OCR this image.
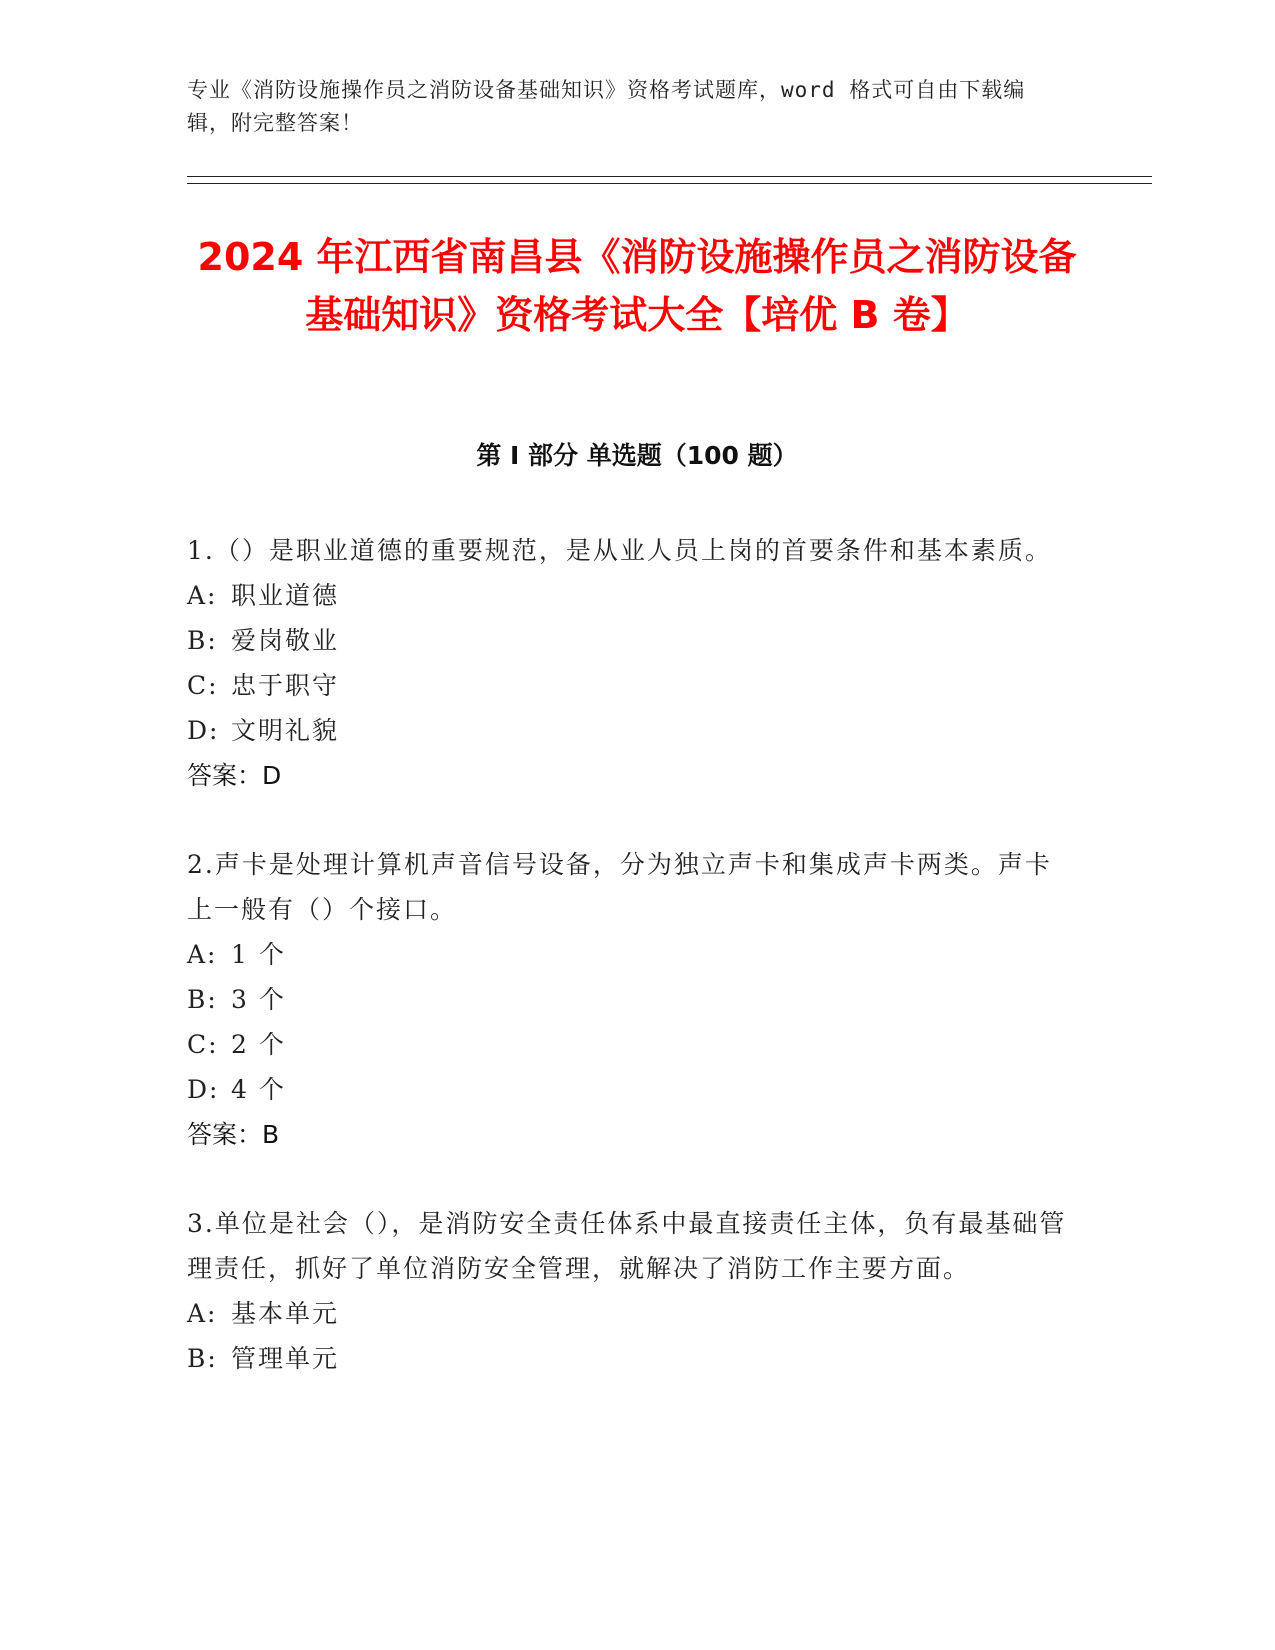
专业《消防设施操作员之消防设备基础知识》资格考试题库，word 格式可自由下载编辑，附完整答案！
2024 年江西省南昌县《消防设施操作员之消防设备基础知识》资格考试大全【培优 B 卷】
第 I 部分 单选题（100 题）
1.（）是职业道德的重要规范，是从业人员上岗的首要条件和基本素质。
A: 职业道德
B: 爱岗敬业
C: 忠于职守
D: 文明礼貌
答案：D
2.声卡是处理计算机声音信号设备，分为独立声卡和集成声卡两类。声卡上一般有（）个接口。
A: 1 个
B: 3 个
C: 2 个
D: 4 个
答案：B
3.单位是社会（），是消防安全责任体系中最直接责任主体，负有最基础管理责任，抓好了单位消防安全管理，就解决了消防工作主要方面。
A: 基本单元
B: 管理单元
